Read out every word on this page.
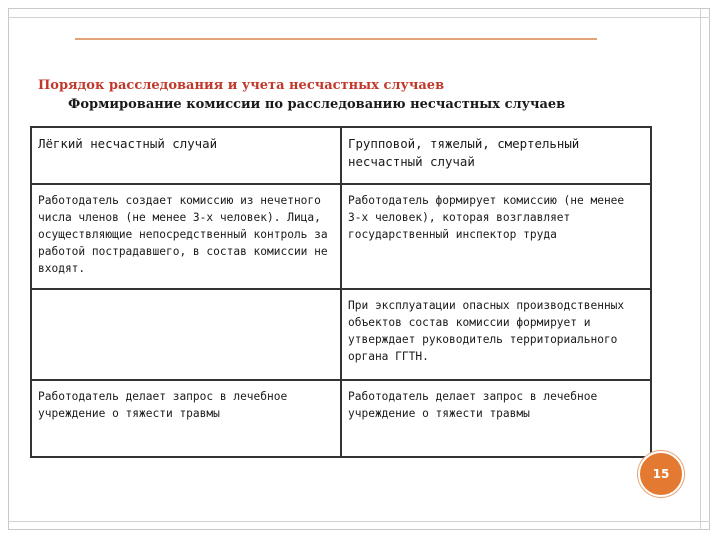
Порядок расследования и учета несчастных случаев
Формирование комиссии по расследованию несчастных случаев
Лёгкий несчастный случай	Групповой, тяжелый, смертельный несчастный случай
Работодатель создает комиссию из нечетного числа членов (не менее 3-х человек). Лица, осуществляющие непосредственный контроль за работой пострадавшего, в состав комиссии не входят.	Работодатель формирует комиссию (не менее 3-х человек), которая возглавляет государственный инспектор труда
	При эксплуатации опасных производственных объектов состав комиссии формирует и утверждает руководитель территориального органа ГГТН.
Работодатель делает запрос в лечебное учреждение о тяжести травмы	Работодатель делает запрос в лечебное учреждение о тяжести травмы
15
